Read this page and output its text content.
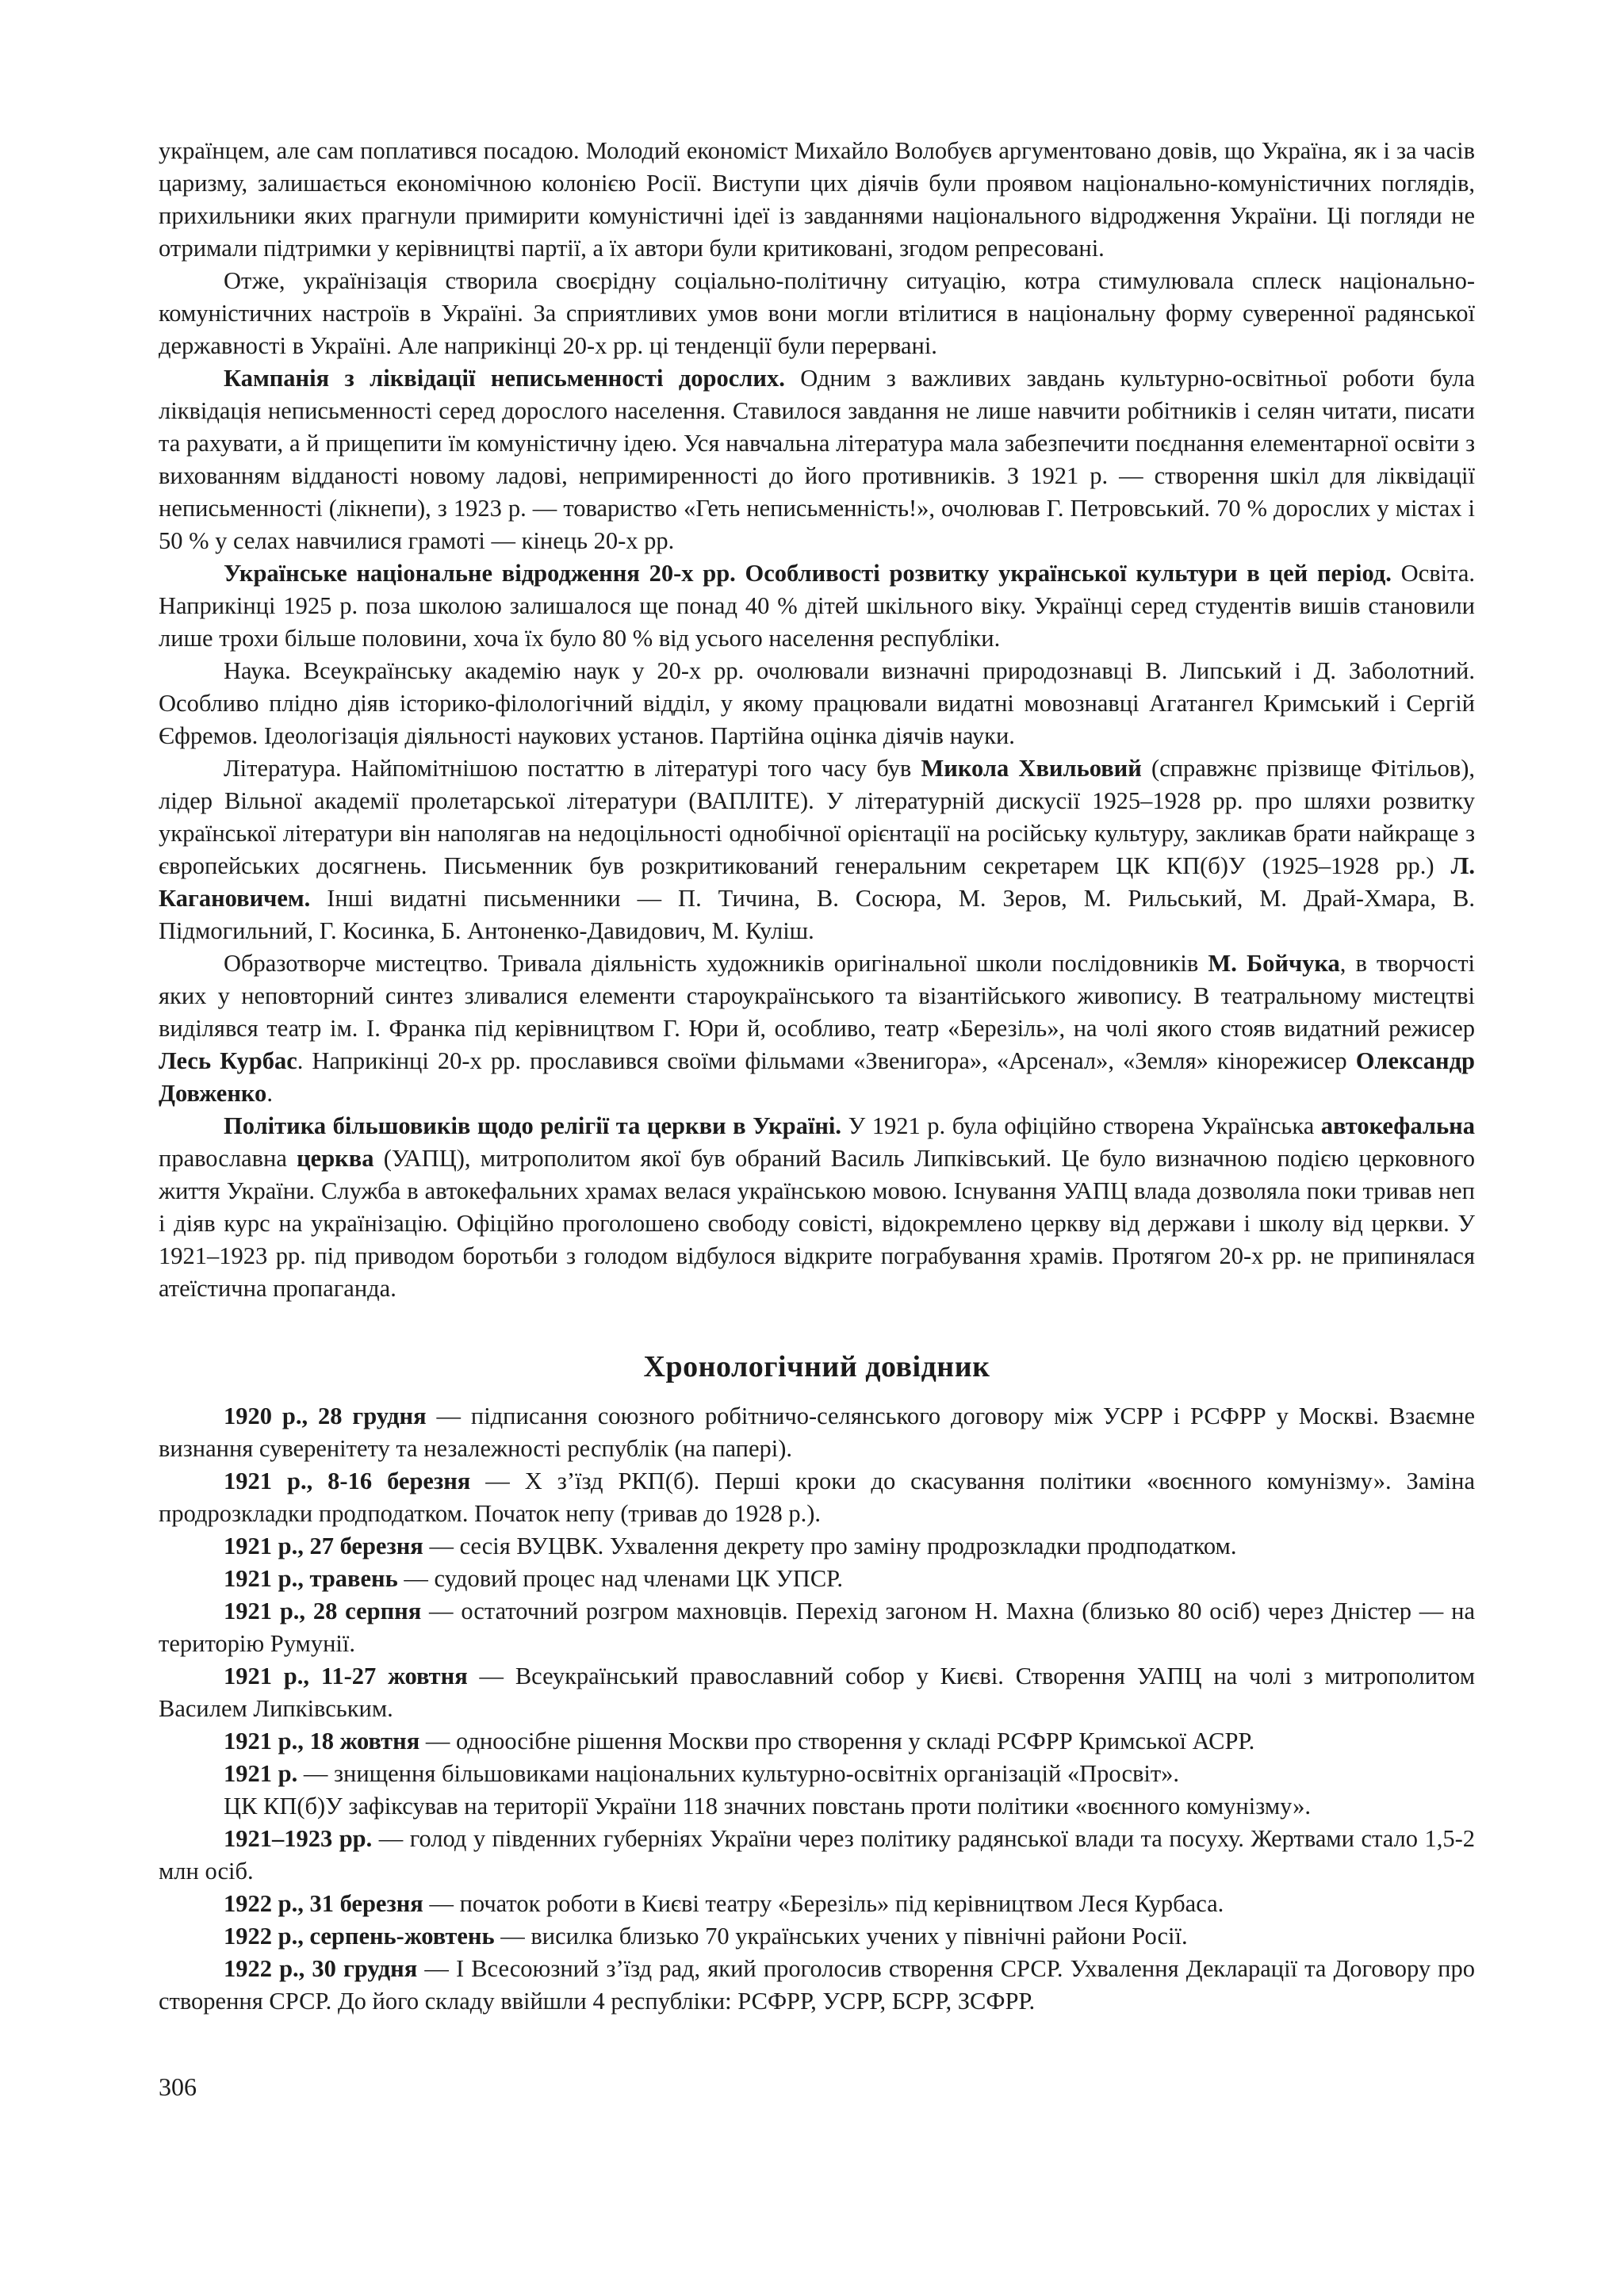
українцем, але сам поплатився посадою. Молодий економіст Михайло Волобуєв аргументовано довів, що Україна, як і за часів царизму, залишається економічною колонією Росії. Виступи цих діячів були проявом національно-комуністичних поглядів, прихильники яких прагнули примирити комуністичні ідеї із завданнями національного відродження України. Ці погляди не отримали підтримки у керівництві партії, а їх автори були критиковані, згодом репресовані.

Отже, українізація створила своєрідну соціально-політичну ситуацію, котра стимулювала сплеск національно-комуністичних настроїв в Україні. За сприятливих умов вони могли втілитися в національну форму суверенної радянської державності в Україні. Але наприкінці 20-х рр. ці тенденції були перервані.

Кампанія з ліквідації неписьменності дорослих. Одним з важливих завдань культурно-освітньої роботи була ліквідація неписьменності серед дорослого населення. Ставилося завдання не лише навчити робітників і селян читати, писати та рахувати, а й прищепити їм комуністичну ідею. Уся навчальна література мала забезпечити поєднання елементарної освіти з вихованням відданості новому ладові, непримиренності до його противників. З 1921 р. — створення шкіл для ліквідації неписьменності (лікнепи), з 1923 р. — товариство «Геть неписьменність!», очолював Г. Петровський. 70 % дорослих у містах і 50 % у селах навчилися грамоті — кінець 20-х рр.

Українське національне відродження 20-х рр. Особливості розвитку української культури в цей період. Освіта. Наприкінці 1925 р. поза школою залишалося ще понад 40 % дітей шкільного віку. Українці серед студентів вишів становили лише трохи більше половини, хоча їх було 80 % від усього населення республіки.

Наука. Всеукраїнську академію наук у 20-х рр. очолювали визначні природознавці В. Липський і Д. Заболотний. Особливо плідно діяв історико-філологічний відділ, у якому працювали видатні мовознавці Агатангел Кримський і Сергій Єфремов. Ідеологізація діяльності наукових установ. Партійна оцінка діячів науки.

Література. Найпомітнішою постаттю в літературі того часу був Микола Хвильовий (справжнє прізвище Фітільов), лідер Вільної академії пролетарської літератури (ВАПЛІТЕ). У літературній дискусії 1925–1928 рр. про шляхи розвитку української літератури він наполягав на недоцільності однобічної орієнтації на російську культуру, закликав брати найкраще з європейських досягнень. Письменник був розкритикований генеральним секретарем ЦК КП(б)У (1925–1928 рр.) Л. Кагановичем. Інші видатні письменники — П. Тичина, В. Сосюра, М. Зеров, М. Рильський, М. Драй-Хмара, В. Підмогильний, Г. Косинка, Б. Антоненко-Давидович, М. Куліш.

Образотворче мистецтво. Тривала діяльність художників оригінальної школи послідовників М. Бойчука, в творчості яких у неповторний синтез зливалися елементи староукраїнського та візантійського живопису. В театральному мистецтві виділявся театр ім. І. Франка під керівництвом Г. Юри й, особливо, театр «Березіль», на чолі якого стояв видатний режисер Лесь Курбас. Наприкінці 20-х рр. прославився своїми фільмами «Звенигора», «Арсенал», «Земля» кінорежисер Олександр Довженко.

Політика більшовиків щодо релігії та церкви в Україні. У 1921 р. була офіційно створена Українська автокефальна православна церква (УАПЦ), митрополитом якої був обраний Василь Липківський. Це було визначною подією церковного життя України. Служба в автокефальних храмах велася українською мовою. Існування УАПЦ влада дозволяла поки тривав неп і діяв курс на українізацію. Офіційно проголошено свободу совісті, відокремлено церкву від держави і школу від церкви. У 1921–1923 рр. під приводом боротьби з голодом відбулося відкрите пограбування храмів. Протягом 20-х рр. не припинялася атеїстична пропаганда.

Хронологічний довідник

1920 р., 28 грудня — підписання союзного робітничо-селянського договору між УСРР і РСФРР у Москві. Взаємне визнання суверенітету та незалежності республік (на папері).

1921 р., 8-16 березня — X з’їзд РКП(б). Перші кроки до скасування політики «воєнного комунізму». Заміна продрозкладки продподатком. Початок непу (тривав до 1928 р.).

1921 р., 27 березня — сесія ВУЦВК. Ухвалення декрету про заміну продрозкладки продподатком.

1921 р., травень — судовий процес над членами ЦК УПСР.

1921 р., 28 серпня — остаточний розгром махновців. Перехід загоном Н. Махна (близько 80 осіб) через Дністер — на територію Румунії.

1921 р., 11-27 жовтня — Всеукраїнський православний собор у Києві. Створення УАПЦ на чолі з митрополитом Василем Липківським.

1921 р., 18 жовтня — одноосібне рішення Москви про створення у складі РСФРР Кримської АСРР.

1921 р. — знищення більшовиками національних культурно-освітніх організацій «Просвіт».

ЦК КП(б)У зафіксував на території України 118 значних повстань проти політики «воєнного комунізму».

1921–1923 рр. — голод у південних губерніях України через політику радянської влади та посуху. Жертвами стало 1,5-2 млн осіб.

1922 р., 31 березня — початок роботи в Києві театру «Березіль» під керівництвом Леся Курбаса.

1922 р., серпень-жовтень — висилка близько 70 українських учених у північні райони Росії.

1922 р., 30 грудня — I Всесоюзний з’їзд рад, який проголосив створення СРСР. Ухвалення Декларації та Договору про створення СРСР. До його складу ввійшли 4 республіки: РСФРР, УСРР, БСРР, ЗСФРР.

306
